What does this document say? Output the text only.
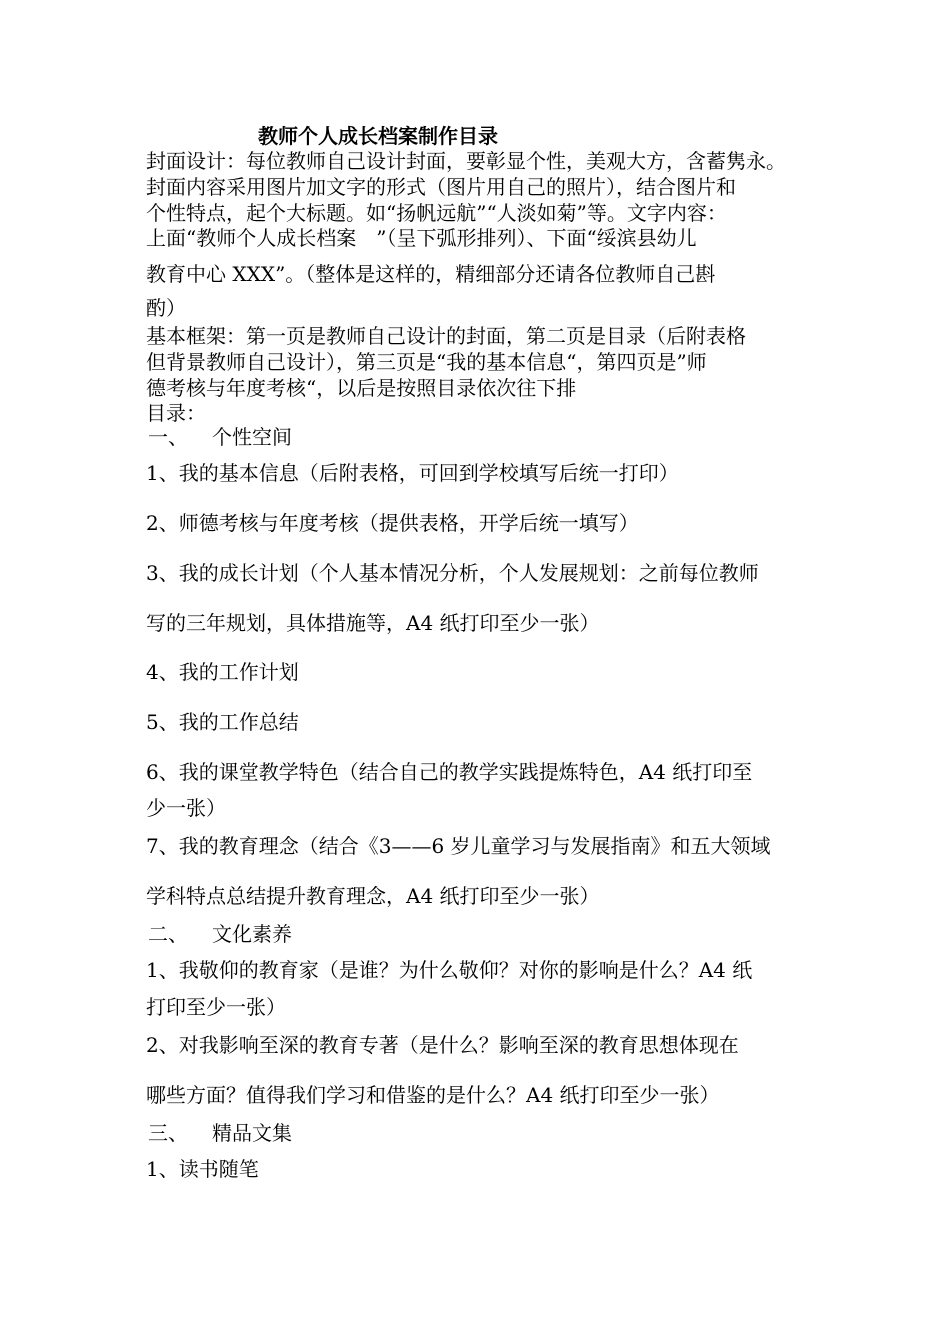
教师个人成长档案制作目录
封面设计：每位教师自己设计封面，要彰显个性，美观大方，含蓄隽永。
封面内容采用图片加文字的形式（图片用自己的照片），结合图片和
个性特点，起个大标题。如“扬帆远航”“人淡如菊”等。文字内容：
上面“教师个人成长档案　”（呈下弧形排列）、下面“绥滨县幼儿
教育中心 XXX”。（整体是这样的，精细部分还请各位教师自己斟
酌）
基本框架：第一页是教师自己设计的封面，第二页是目录（后附表格
但背景教师自己设计），第三页是“我的基本信息“，第四页是”师
德考核与年度考核“，以后是按照目录依次往下排
目录：
一、 个性空间
1、我的基本信息（后附表格，可回到学校填写后统一打印）
2、师德考核与年度考核（提供表格，开学后统一填写）
3、我的成长计划（个人基本情况分析，个人发展规划：之前每位教师
写的三年规划，具体措施等，A4 纸打印至少一张）
4、我的工作计划
5、我的工作总结
6、我的课堂教学特色（结合自己的教学实践提炼特色，A4 纸打印至
少一张）
7、我的教育理念（结合《3——6 岁儿童学习与发展指南》和五大领域
学科特点总结提升教育理念，A4 纸打印至少一张）
二、 文化素养
1、我敬仰的教育家（是谁？为什么敬仰？对你的影响是什么？A4 纸
打印至少一张）
2、对我影响至深的教育专著（是什么？影响至深的教育思想体现在
哪些方面？值得我们学习和借鉴的是什么？A4 纸打印至少一张）
三、 精品文集
1、读书随笔
